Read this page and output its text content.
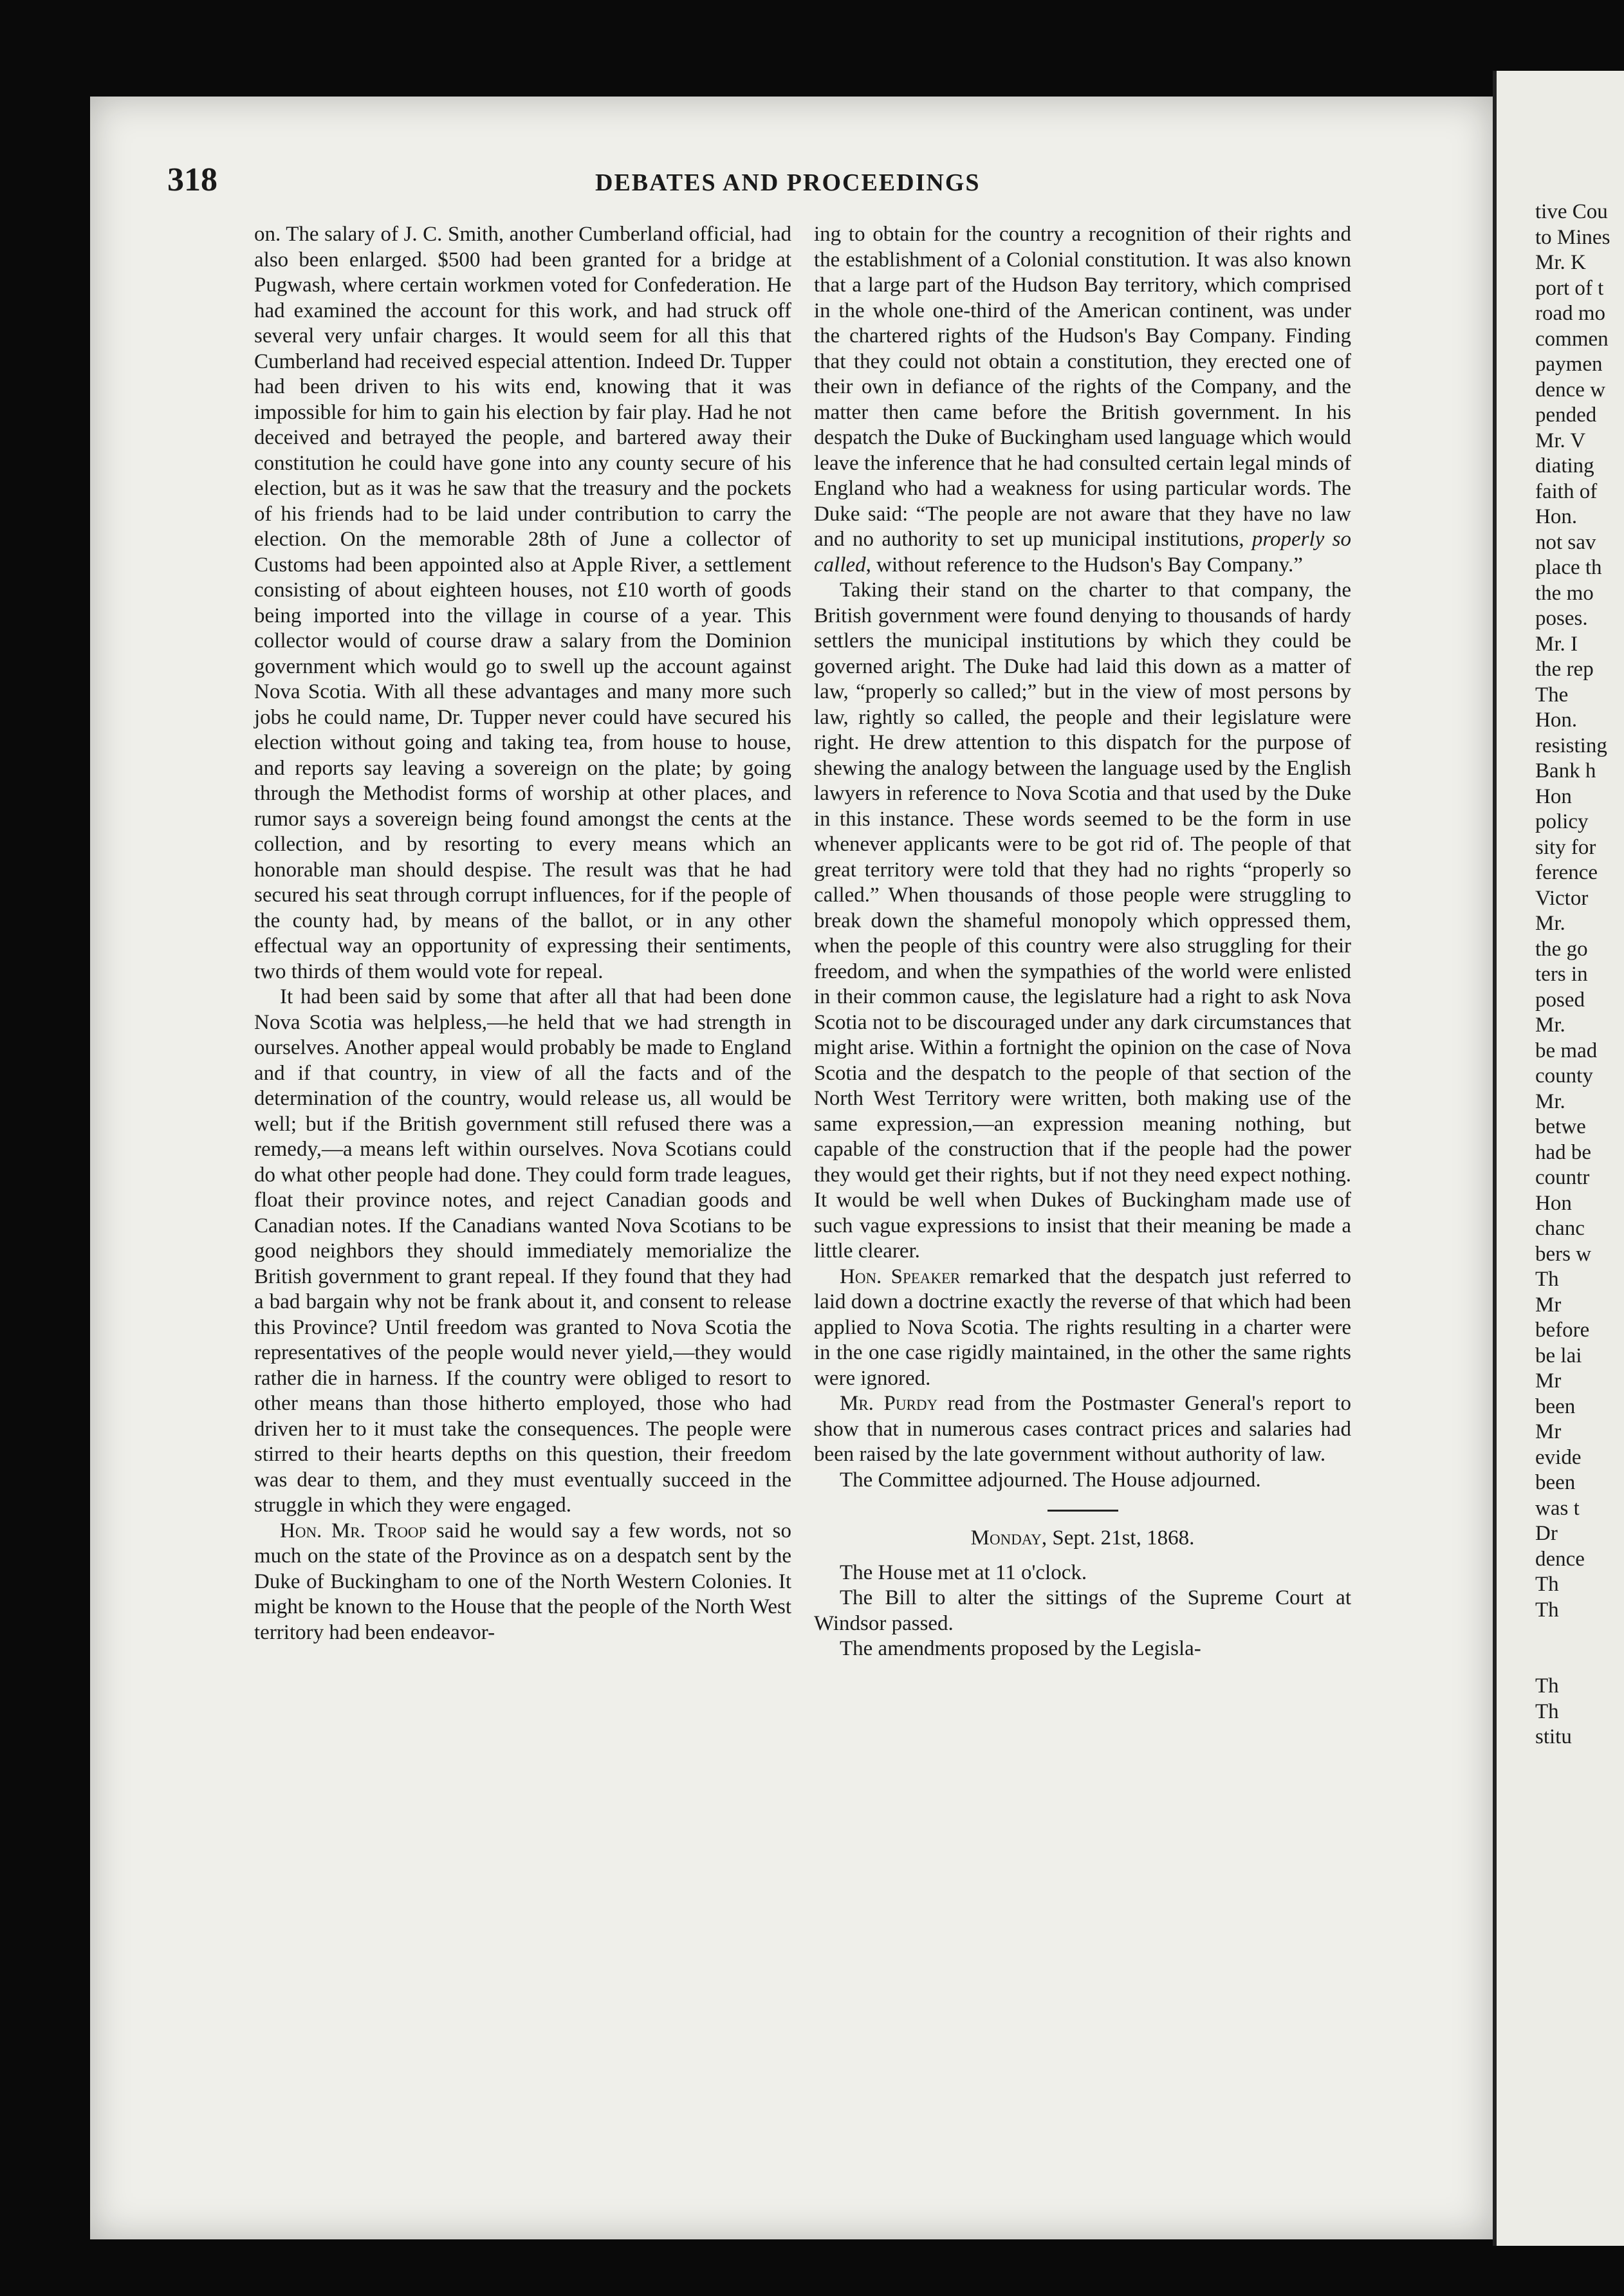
tive Cou
to Mines
Mr. K
port of t
road mo
commen
paymen
dence w
pended
Mr. V
diating
faith of
Hon.
not sav
place th
the mo
poses.
Mr. I
the rep
The
Hon.
resisting
Bank h
Hon
policy
sity for
ference
Victor
Mr.
the go
ters in
posed
Mr.
be mad
county
Mr.
betwe
had be
countr
Hon
chanc
bers w
Th
Mr
before
be lai
Mr
been
Mr
evide
been
was t
Dr
dence
Th
Th

Th
Th
stitu
318	DEBATES AND PROCEEDINGS

on. The salary of J. C. Smith, another Cumberland official, had also been enlarged. $500 had been granted for a bridge at Pugwash, where certain workmen voted for Confederation. He had examined the account for this work, and had struck off several very unfair charges. It would seem for all this that Cumberland had received especial attention. Indeed Dr. Tupper had been driven to his wits end, knowing that it was impossible for him to gain his election by fair play. Had he not deceived and betrayed the people, and bartered away their constitution he could have gone into any county secure of his election, but as it was he saw that the treasury and the pockets of his friends had to be laid under contribution to carry the election. On the memorable 28th of June a collector of Customs had been appointed also at Apple River, a settlement consisting of about eighteen houses, not £10 worth of goods being imported into the village in course of a year. This collector would of course draw a salary from the Dominion government which would go to swell up the account against Nova Scotia. With all these advantages and many more such jobs he could name, Dr. Tupper never could have secured his election without going and taking tea, from house to house, and reports say leaving a sovereign on the plate; by going through the Methodist forms of worship at other places, and rumor says a sovereign being found amongst the cents at the collection, and by resorting to every means which an honorable man should despise. The result was that he had secured his seat through corrupt influences, for if the people of the county had, by means of the ballot, or in any other effectual way an opportunity of expressing their sentiments, two thirds of them would vote for repeal.

It had been said by some that after all that had been done Nova Scotia was helpless,—he held that we had strength in ourselves. Another appeal would probably be made to England and if that country, in view of all the facts and of the determination of the country, would release us, all would be well; but if the British government still refused there was a remedy,—a means left within ourselves. Nova Scotians could do what other people had done. They could form trade leagues, float their province notes, and reject Canadian goods and Canadian notes. If the Canadians wanted Nova Scotians to be good neighbors they should immediately memorialize the British government to grant repeal. If they found that they had a bad bargain why not be frank about it, and consent to release this Province? Until freedom was granted to Nova Scotia the representatives of the people would never yield,—they would rather die in harness. If the country were obliged to resort to other means than those hitherto employed, those who had driven her to it must take the consequences. The people were stirred to their hearts depths on this question, their freedom was dear to them, and they must eventually succeed in the struggle in which they were engaged.

Hon. Mr. Troop said he would say a few words, not so much on the state of the Province as on a despatch sent by the Duke of Buckingham to one of the North Western Colonies. It might be known to the House that the people of the North West territory had been endeavor-

ing to obtain for the country a recognition of their rights and the establishment of a Colonial constitution. It was also known that a large part of the Hudson Bay territory, which comprised in the whole one-third of the American continent, was under the chartered rights of the Hudson's Bay Company. Finding that they could not obtain a constitution, they erected one of their own in defiance of the rights of the Company, and the matter then came before the British government. In his despatch the Duke of Buckingham used language which would leave the inference that he had consulted certain legal minds of England who had a weakness for using particular words. The Duke said: “The people are not aware that they have no law and no authority to set up municipal institutions, properly so called, without reference to the Hudson's Bay Company.”

Taking their stand on the charter to that company, the British government were found denying to thousands of hardy settlers the municipal institutions by which they could be governed aright. The Duke had laid this down as a matter of law, “properly so called;” but in the view of most persons by law, rightly so called, the people and their legislature were right. He drew attention to this dispatch for the purpose of shewing the analogy between the language used by the English lawyers in reference to Nova Scotia and that used by the Duke in this instance. These words seemed to be the form in use whenever applicants were to be got rid of. The people of that great territory were told that they had no rights “properly so called.” When thousands of those people were struggling to break down the shameful monopoly which oppressed them, when the people of this country were also struggling for their freedom, and when the sympathies of the world were enlisted in their common cause, the legislature had a right to ask Nova Scotia not to be discouraged under any dark circumstances that might arise. Within a fortnight the opinion on the case of Nova Scotia and the despatch to the people of that section of the North West Territory were written, both making use of the same expression,—an expression meaning nothing, but capable of the construction that if the people had the power they would get their rights, but if not they need expect nothing. It would be well when Dukes of Buckingham made use of such vague expressions to insist that their meaning be made a little clearer.

Hon. Speaker remarked that the despatch just referred to laid down a doctrine exactly the reverse of that which had been applied to Nova Scotia. The rights resulting in a charter were in the one case rigidly maintained, in the other the same rights were ignored.

Mr. Purdy read from the Postmaster General's report to show that in numerous cases contract prices and salaries had been raised by the late government without authority of law.

The Committee adjourned. The House adjourned.

Monday, Sept. 21st, 1868.

The House met at 11 o'clock.

The Bill to alter the sittings of the Supreme Court at Windsor passed.

The amendments proposed by the Legisla-
